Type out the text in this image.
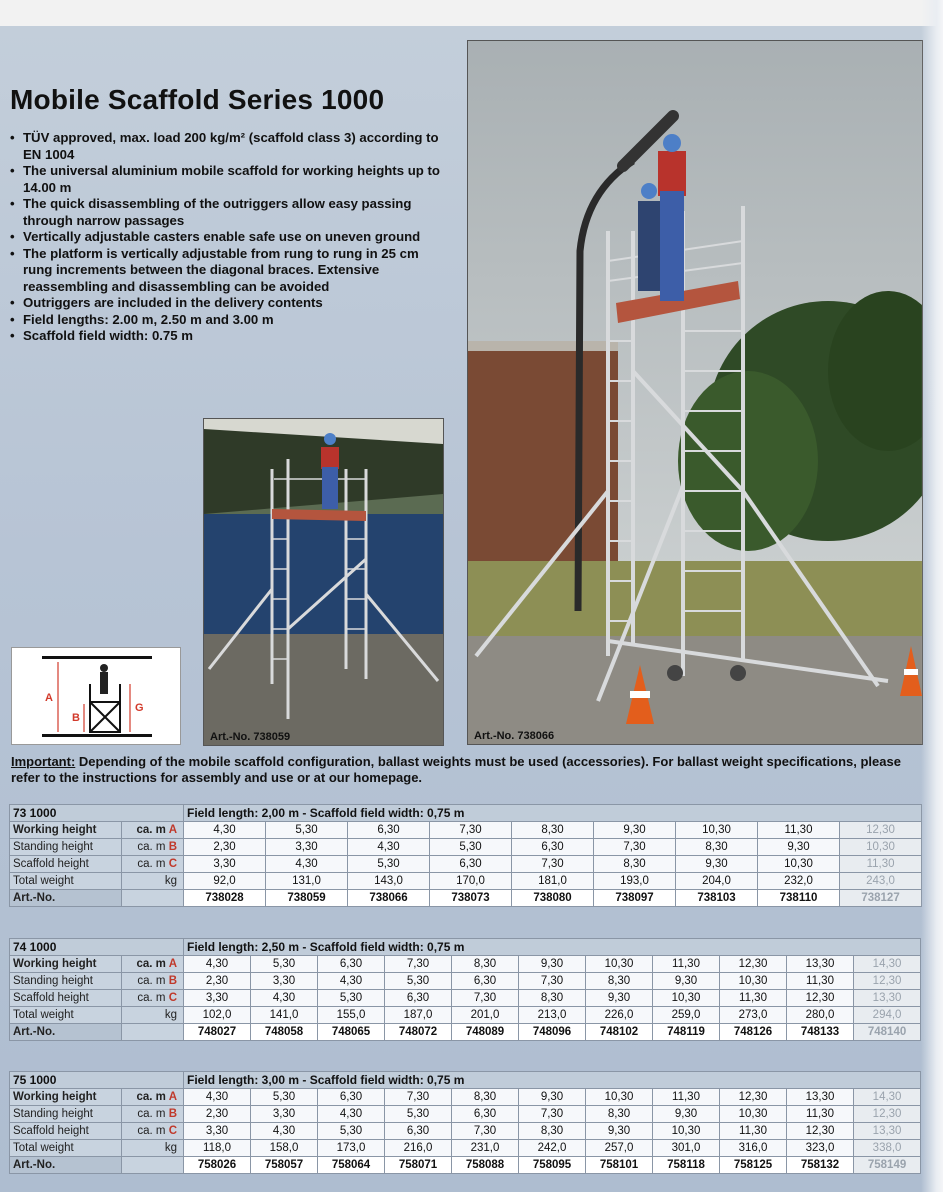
Mobile Scaffold Series 1000
• TÜV approved, max. load 200 kg/m² (scaffold class 3) according to EN 1004
• The universal aluminium mobile scaffold for working heights up to 14.00 m
• The quick disassembling of the outriggers allow easy passing through narrow passages
• Vertically adjustable casters enable safe use on uneven ground
• The platform is vertically adjustable from rung to rung in 25 cm rung increments between the diagonal braces. Extensive reassembling and disassembling can be avoided
• Outriggers are included in the delivery contents
• Field lengths: 2.00 m, 2.50 m and 3.00 m
• Scaffold field width: 0.75 m
Art.-No. 738066
Art.-No. 738059
A
B
G

Important: Depending of the mobile scaffold configuration, ballast weights must be used (accessories). For ballast weight specifications, please refer to the instructions for assembly and use or at our homepage.

73 1000		Field length: 2,00 m - Scaffold field width: 0,75 m								
Working height	ca. m A	4,30	5,30	6,30	7,30	8,30	9,30	10,30	11,30	12,30
Standing height	ca. m B	2,30	3,30	4,30	5,30	6,30	7,30	8,30	9,30	10,30
Scaffold height	ca. m C	3,30	4,30	5,30	6,30	7,30	8,30	9,30	10,30	11,30
Total weight	kg	92,0	131,0	143,0	170,0	181,0	193,0	204,0	232,0	243,0
Art.-No.		738028	738059	738066	738073	738080	738097	738103	738110	738127
74 1000		Field length: 2,50 m - Scaffold field width: 0,75 m										
Working height	ca. m A	4,30	5,30	6,30	7,30	8,30	9,30	10,30	11,30	12,30	13,30	14,30
Standing height	ca. m B	2,30	3,30	4,30	5,30	6,30	7,30	8,30	9,30	10,30	11,30	12,30
Scaffold height	ca. m C	3,30	4,30	5,30	6,30	7,30	8,30	9,30	10,30	11,30	12,30	13,30
Total weight	kg	102,0	141,0	155,0	187,0	201,0	213,0	226,0	259,0	273,0	280,0	294,0
Art.-No.		748027	748058	748065	748072	748089	748096	748102	748119	748126	748133	748140
75 1000		Field length: 3,00 m - Scaffold field width: 0,75 m										
Working height	ca. m A	4,30	5,30	6,30	7,30	8,30	9,30	10,30	11,30	12,30	13,30	14,30
Standing height	ca. m B	2,30	3,30	4,30	5,30	6,30	7,30	8,30	9,30	10,30	11,30	12,30
Scaffold height	ca. m C	3,30	4,30	5,30	6,30	7,30	8,30	9,30	10,30	11,30	12,30	13,30
Total weight	kg	118,0	158,0	173,0	216,0	231,0	242,0	257,0	301,0	316,0	323,0	338,0
Art.-No.		758026	758057	758064	758071	758088	758095	758101	758118	758125	758132	758149
